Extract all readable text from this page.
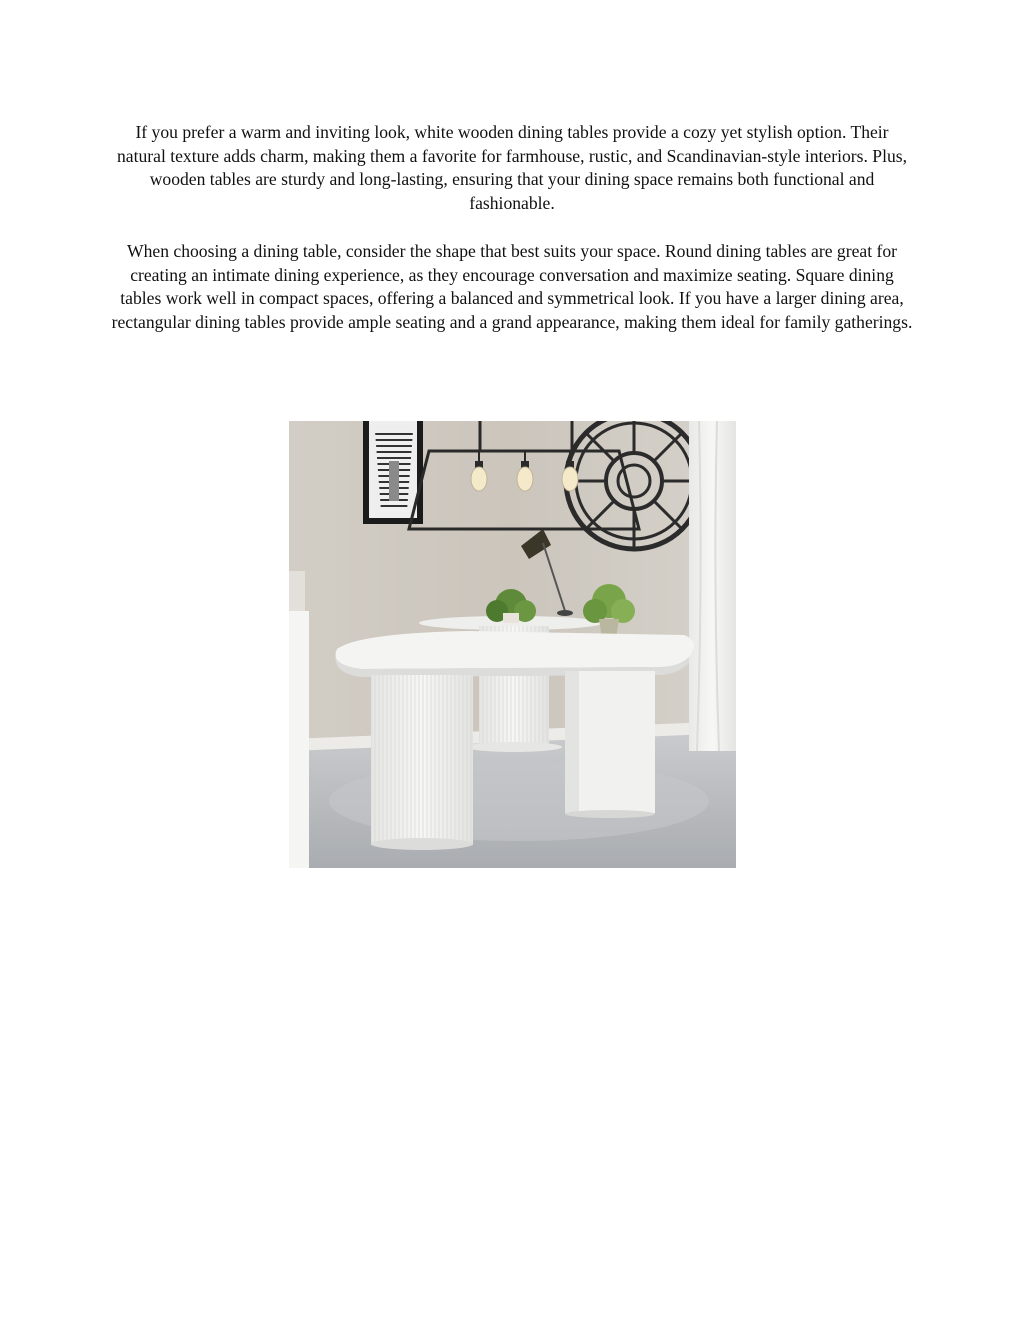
If you prefer a warm and inviting look, white wooden dining tables provide a cozy yet stylish option. Their natural texture adds charm, making them a favorite for farmhouse, rustic, and Scandinavian-style interiors. Plus, wooden tables are sturdy and long-lasting, ensuring that your dining space remains both functional and fashionable.

When choosing a dining table, consider the shape that best suits your space. Round dining tables are great for creating an intimate dining experience, as they encourage conversation and maximize seating. Square dining tables work well in compact spaces, offering a balanced and symmetrical look. If you have a larger dining area, rectangular dining tables provide ample seating and a grand appearance, making them ideal for family gatherings.
